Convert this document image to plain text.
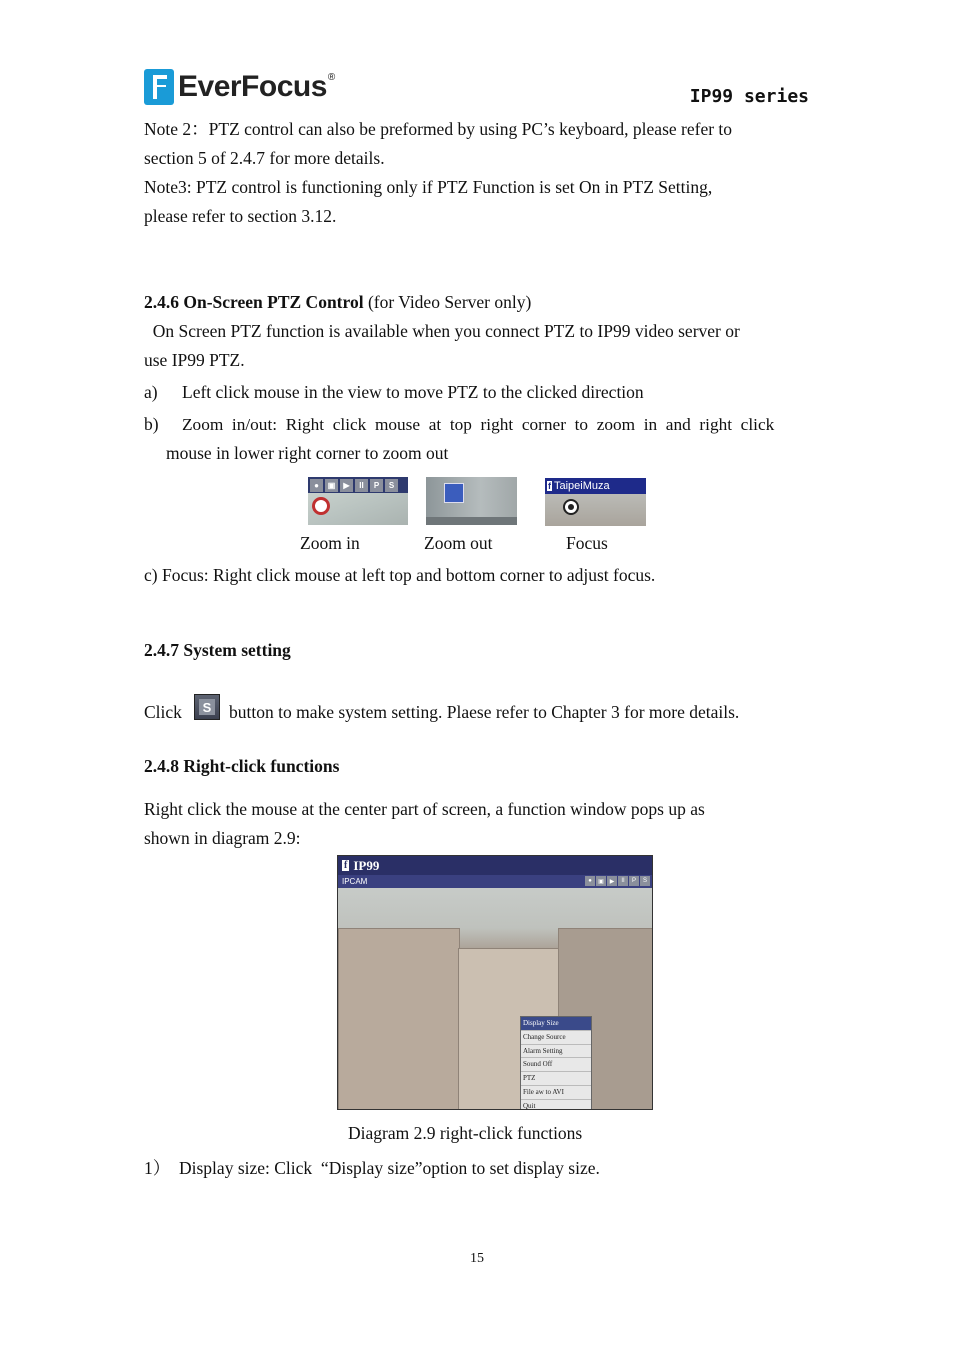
EverFocus ®
IP99 series
Note 2：PTZ control can also be preformed by using PC’s keyboard, please refer to
section 5 of 2.4.7 for more details.
Note3: PTZ control is functioning only if PTZ Function is set On in PTZ Setting,
please refer to section 3.12.
2.4.6 On-Screen PTZ Control (for Video Server only)
On Screen PTZ function is available when you connect PTZ to IP99 video server or
use IP99 PTZ.
a)	Left click mouse in the view to move PTZ to the clicked direction
b)	Zoom  in/out:  Right  click  mouse  at  top  right  corner  to  zoom  in  and  right  click
mouse in lower right corner to zoom out
●	▣	▶	II	P	S	f TaipeiMuza
Zoom in	Zoom out	Focus
c) Focus: Right click mouse at left top and bottom corner to adjust focus.
2.4.7 System setting
Click	S button to make system setting. Plaese refer to Chapter 3 for more details.
2.4.8 Right-click functions
Right click the mouse at the center part of screen, a function window pops up as
shown in diagram 2.9:
f IP99
IPCAM	●	▣ ▶	II	P	S
Display Size
Change Source
Alarm Setting
Sound Off
PTZ
File aw to AVI
Quit
Diagram 2.9 right-click functions
1）  Display size: Click  “Display size”option to set display size.
15
